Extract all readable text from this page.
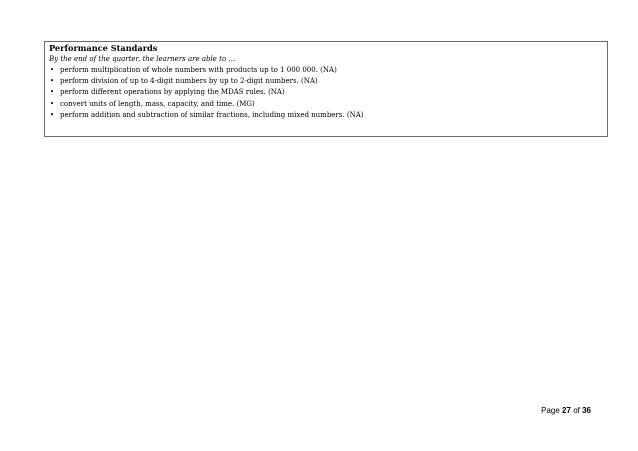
Performance Standards
By the end of the quarter, the learners are able to …
• perform multiplication of whole numbers with products up to 1 000 000. (NA)
• perform division of up to 4-digit numbers by up to 2-digit numbers. (NA)
• perform different operations by applying the MDAS rules. (NA)
• convert units of length, mass, capacity, and time. (MG)
• perform addition and subtraction of similar fractions, including mixed numbers. (NA)
Page 27 of 36
